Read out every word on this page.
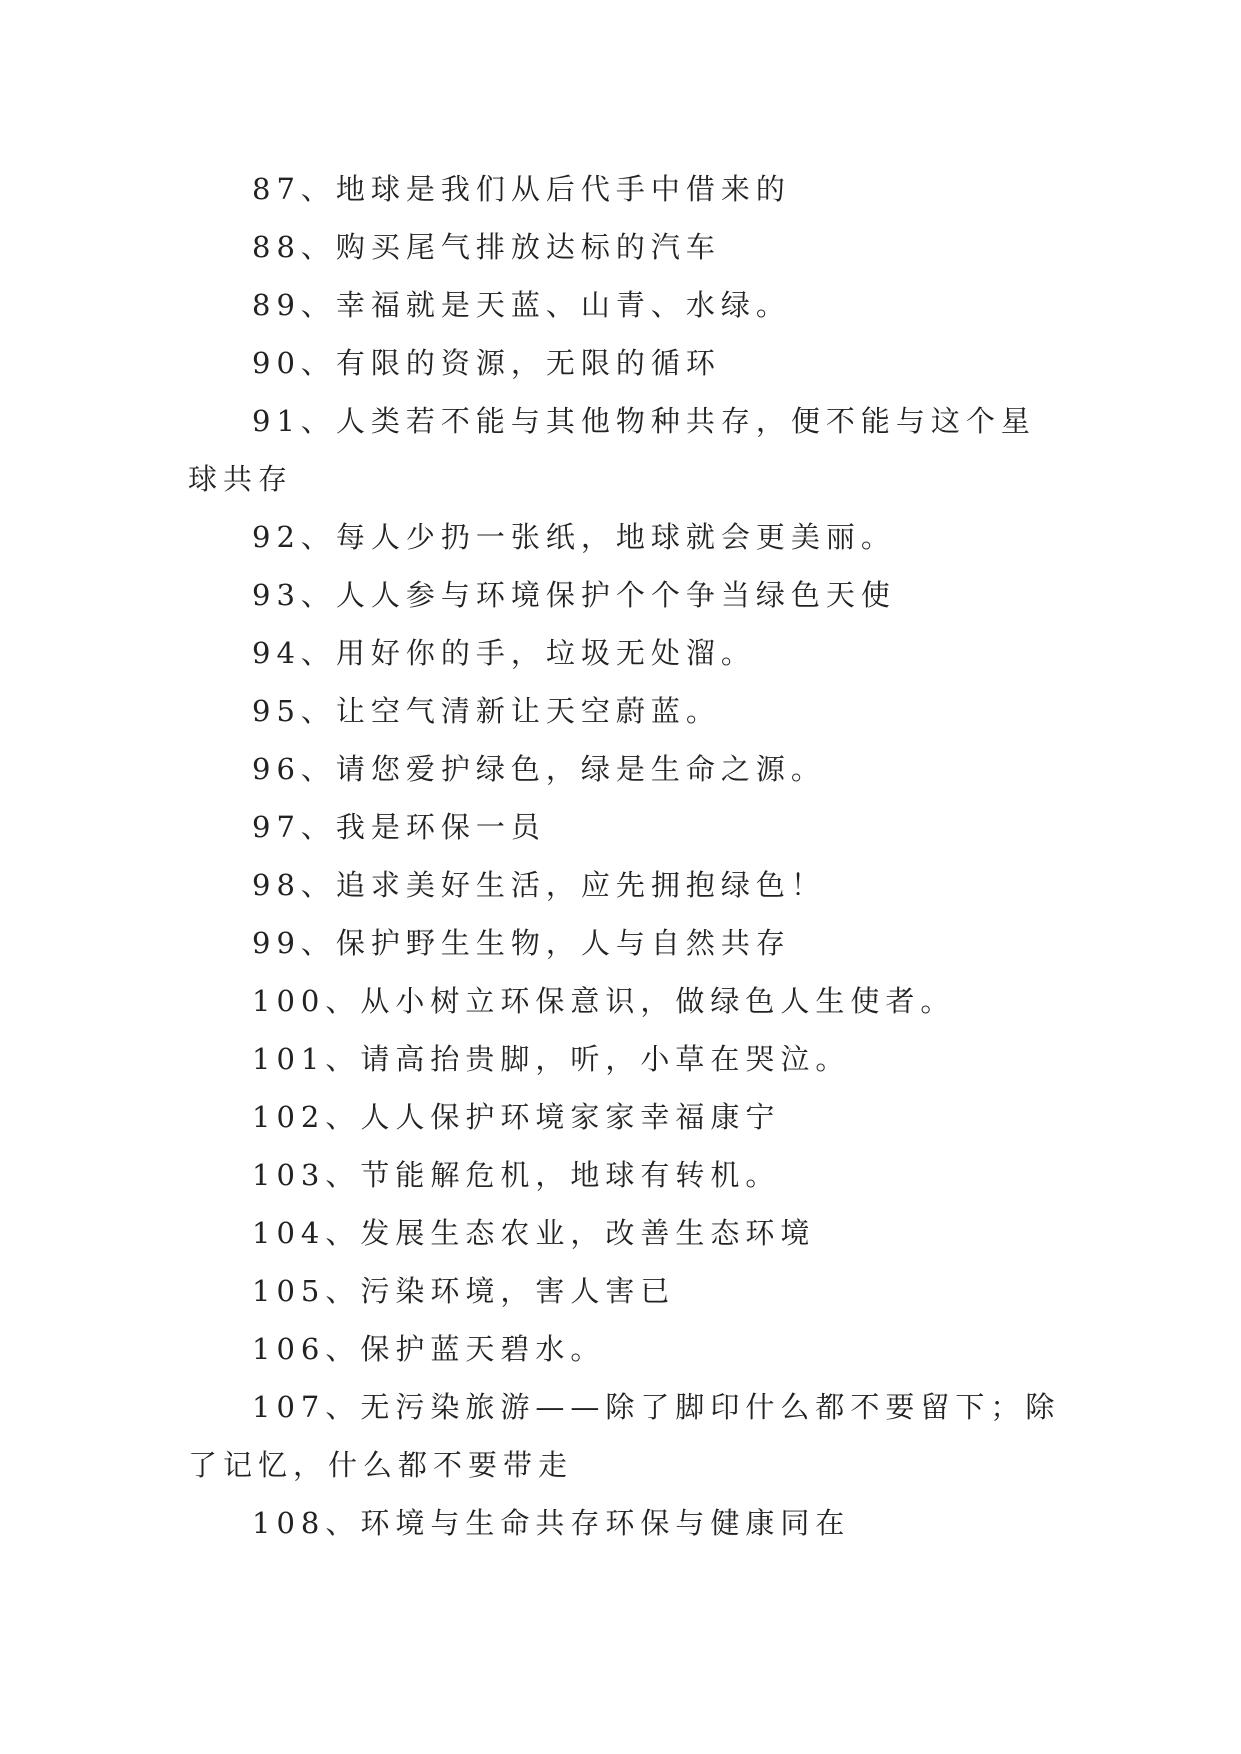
87、地球是我们从后代手中借来的

88、购买尾气排放达标的汽车

89、幸福就是天蓝、山青、水绿。

90、有限的资源，无限的循环

91、人类若不能与其他物种共存，便不能与这个星球共存

92、每人少扔一张纸，地球就会更美丽。

93、人人参与环境保护个个争当绿色天使

94、用好你的手，垃圾无处溜。

95、让空气清新让天空蔚蓝。

96、请您爱护绿色，绿是生命之源。

97、我是环保一员

98、追求美好生活，应先拥抱绿色！

99、保护野生生物，人与自然共存

100、从小树立环保意识，做绿色人生使者。

101、请高抬贵脚，听，小草在哭泣。

102、人人保护环境家家幸福康宁

103、节能解危机，地球有转机。

104、发展生态农业，改善生态环境

105、污染环境，害人害已

106、保护蓝天碧水。

107、无污染旅游——除了脚印什么都不要留下；除了记忆，什么都不要带走

108、环境与生命共存环保与健康同在
